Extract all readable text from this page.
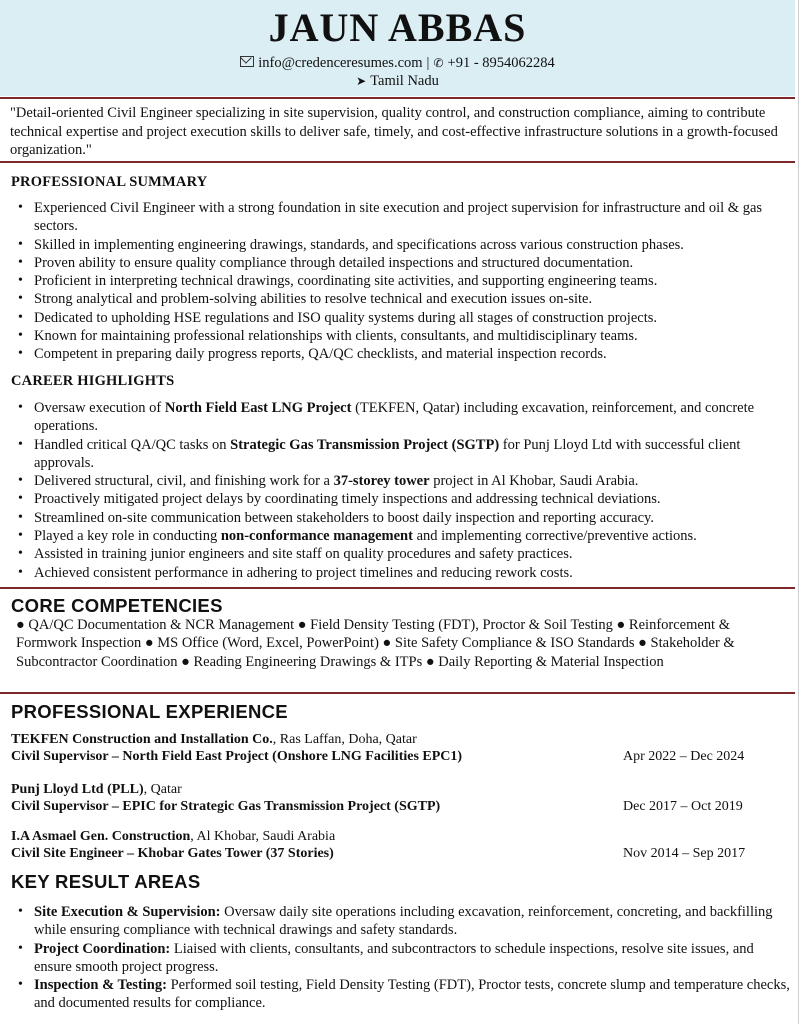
JAUN ABBAS
info@credenceresumes.com | ✆ +91 - 8954062284
➤ Tamil Nadu
"Detail-oriented Civil Engineer specializing in site supervision, quality control, and construction compliance, aiming to contribute technical expertise and project execution skills to deliver safe, timely, and cost-effective infrastructure solutions in a growth-focused organization."
PROFESSIONAL SUMMARY
• Experienced Civil Engineer with a strong foundation in site execution and project supervision for infrastructure and oil & gas sectors.
• Skilled in implementing engineering drawings, standards, and specifications across various construction phases.
• Proven ability to ensure quality compliance through detailed inspections and structured documentation.
• Proficient in interpreting technical drawings, coordinating site activities, and supporting engineering teams.
• Strong analytical and problem-solving abilities to resolve technical and execution issues on-site.
• Dedicated to upholding HSE regulations and ISO quality systems during all stages of construction projects.
• Known for maintaining professional relationships with clients, consultants, and multidisciplinary teams.
• Competent in preparing daily progress reports, QA/QC checklists, and material inspection records.
CAREER HIGHLIGHTS
• Oversaw execution of North Field East LNG Project (TEKFEN, Qatar) including excavation, reinforcement, and concrete operations.
• Handled critical QA/QC tasks on Strategic Gas Transmission Project (SGTP) for Punj Lloyd Ltd with successful client approvals.
• Delivered structural, civil, and finishing work for a 37-storey tower project in Al Khobar, Saudi Arabia.
• Proactively mitigated project delays by coordinating timely inspections and addressing technical deviations.
• Streamlined on-site communication between stakeholders to boost daily inspection and reporting accuracy.
• Played a key role in conducting non-conformance management and implementing corrective/preventive actions.
• Assisted in training junior engineers and site staff on quality procedures and safety practices.
• Achieved consistent performance in adhering to project timelines and reducing rework costs.
CORE COMPETENCIES
● QA/QC Documentation & NCR Management ● Field Density Testing (FDT), Proctor & Soil Testing ● Reinforcement & Formwork Inspection ● MS Office (Word, Excel, PowerPoint) ● Site Safety Compliance & ISO Standards ● Stakeholder & Subcontractor Coordination ● Reading Engineering Drawings & ITPs ● Daily Reporting & Material Inspection
PROFESSIONAL EXPERIENCE
TEKFEN Construction and Installation Co., Ras Laffan, Doha, Qatar
Civil Supervisor – North Field East Project (Onshore LNG Facilities EPC1)	Apr 2022 – Dec 2024
Punj Lloyd Ltd (PLL), Qatar
Civil Supervisor – EPIC for Strategic Gas Transmission Project (SGTP)	Dec 2017 – Oct 2019
I.A Asmael Gen. Construction, Al Khobar, Saudi Arabia
Civil Site Engineer – Khobar Gates Tower (37 Stories)	Nov 2014 – Sep 2017
KEY RESULT AREAS
• Site Execution & Supervision: Oversaw daily site operations including excavation, reinforcement, concreting, and backfilling while ensuring compliance with technical drawings and safety standards.
• Project Coordination: Liaised with clients, consultants, and subcontractors to schedule inspections, resolve site issues, and ensure smooth project progress.
• Inspection & Testing: Performed soil testing, Field Density Testing (FDT), Proctor tests, concrete slump and temperature checks, and documented results for compliance.
